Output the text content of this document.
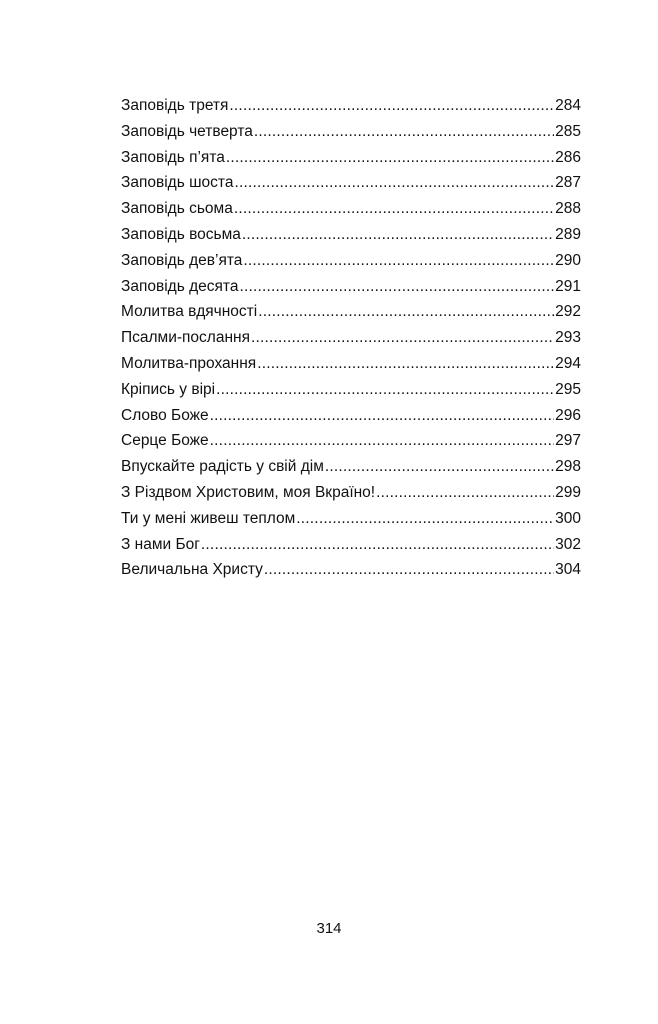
Заповідь третя .....	284
Заповідь четверта .....	285
Заповідь п’ята .....	286
Заповідь шоста .....	287
Заповідь сьома .....	288
Заповідь восьма .....	289
Заповідь дев’ята .....	290
Заповідь десята .....	291
Молитва вдячності .....	292
Псалми-послання .....	293
Молитва-прохання .....	294
Кріпись у вірі .....	295
Слово Боже .....	296
Серце Боже .....	297
Впускайте радість у свій дім .....	298
З Різдвом Христовим, моя Вкраїно! .....	299
Ти у мені живеш теплом .....	300
З нами Бог .....	302
Величальна Христу .....	304
314
